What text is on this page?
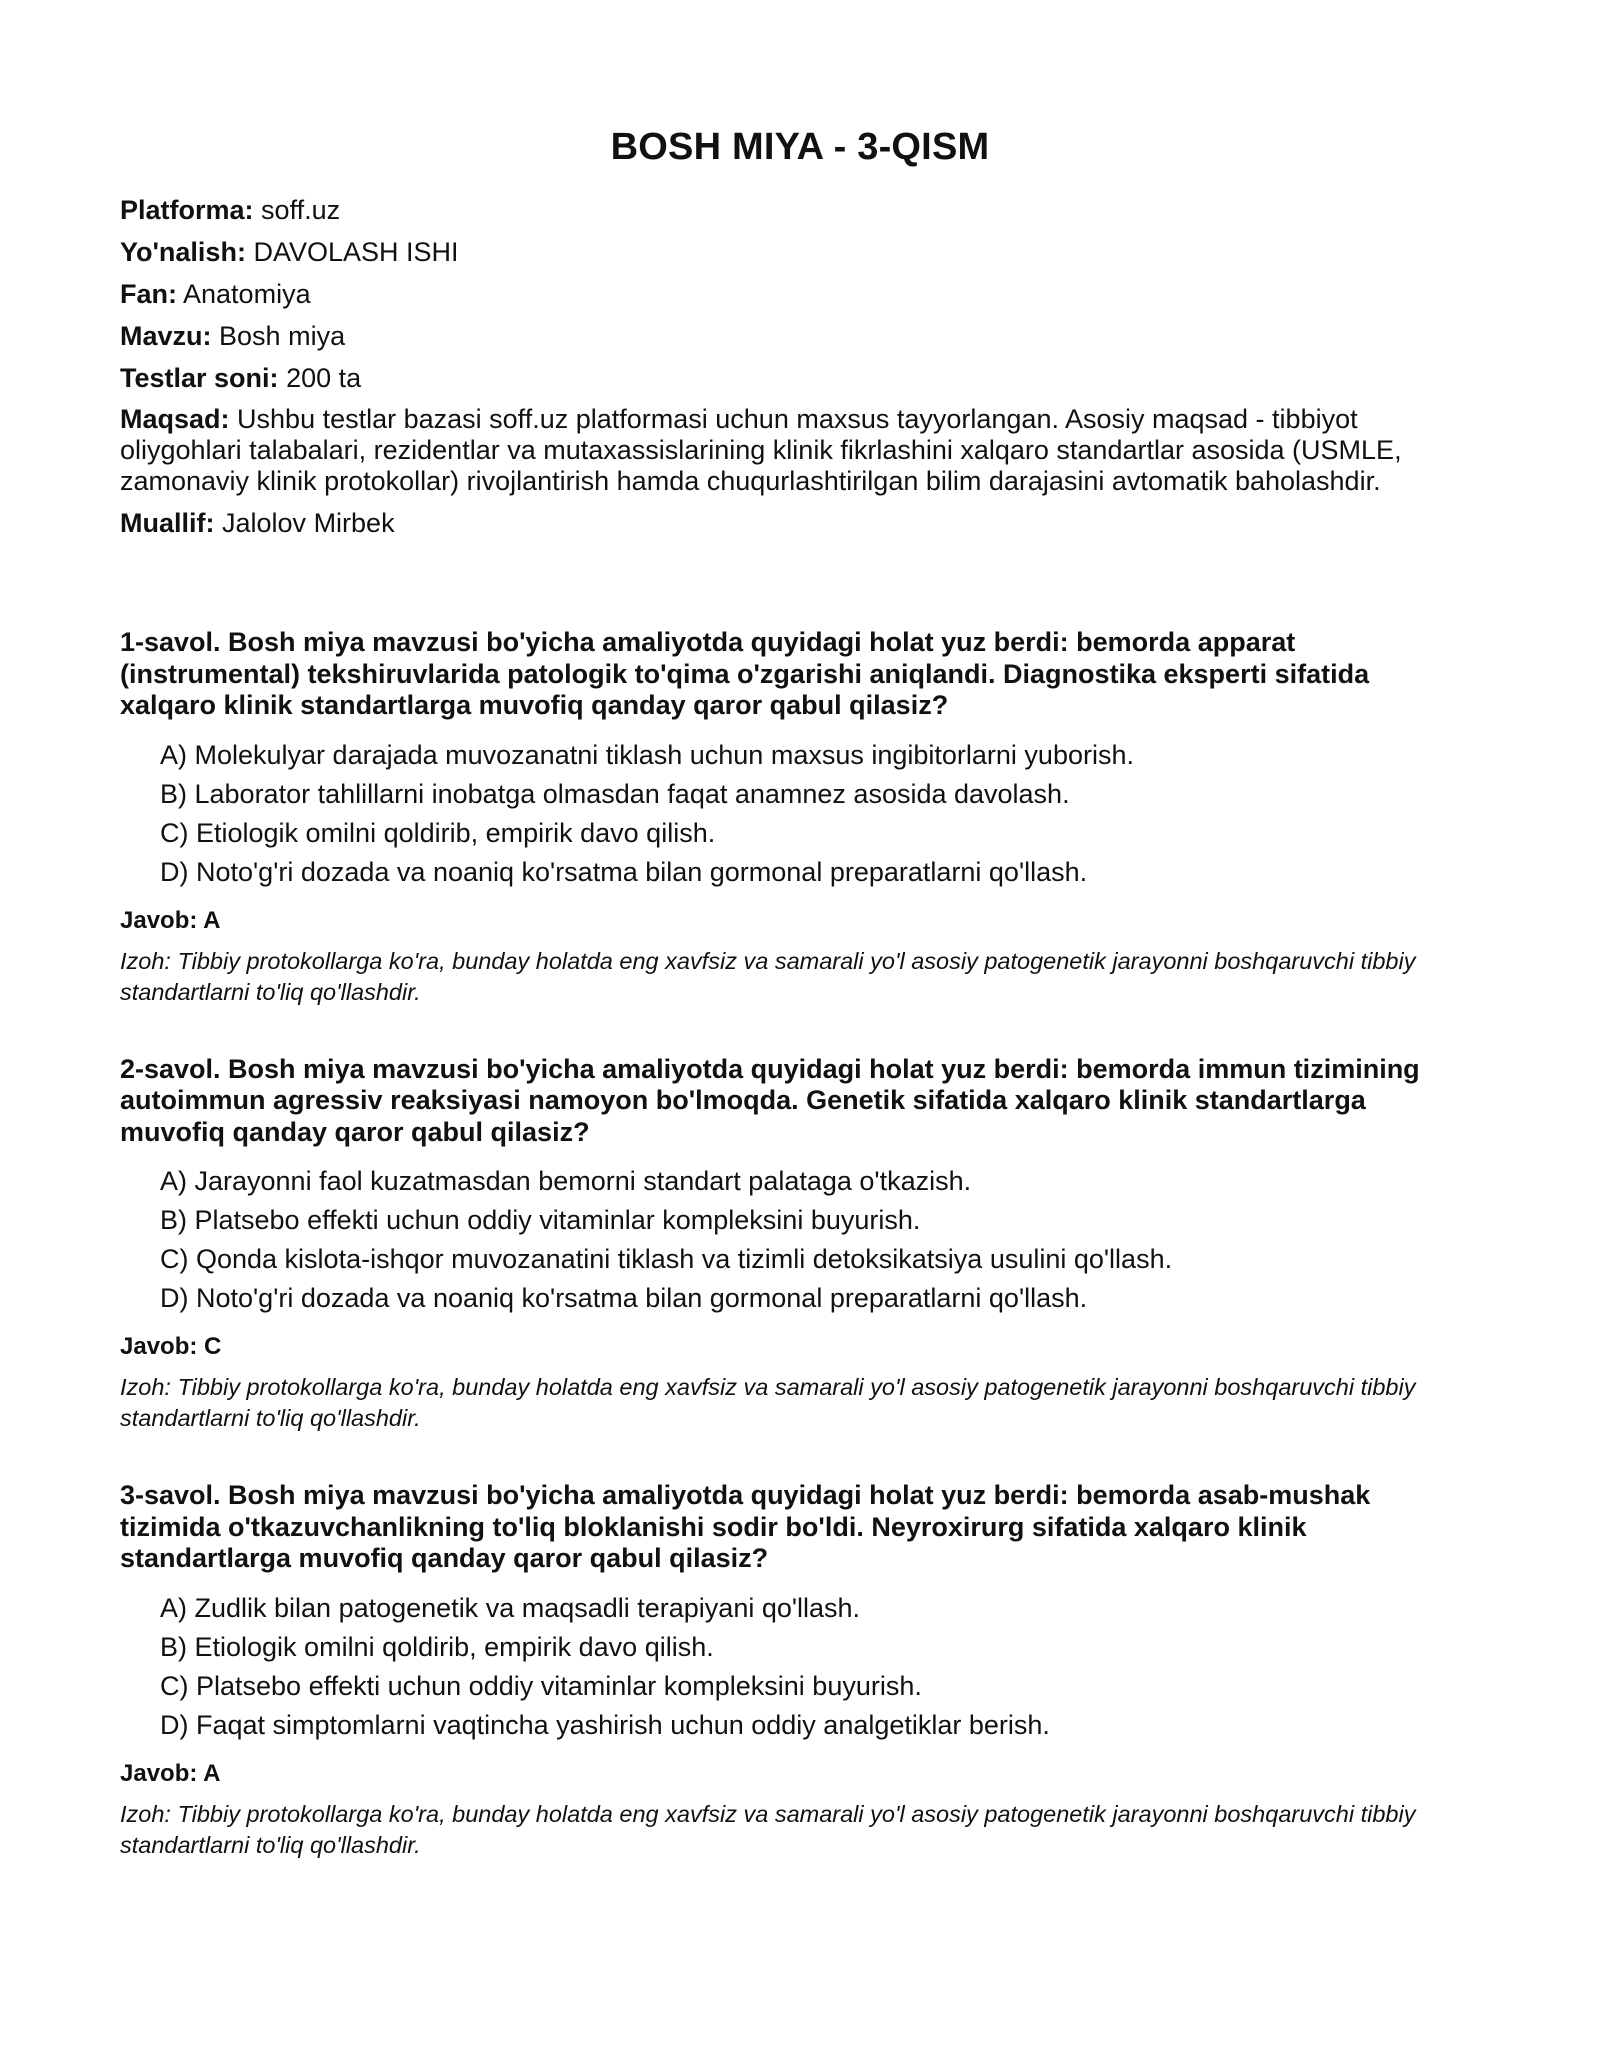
BOSH MIYA - 3-QISM
Platforma: soff.uz
Yo'nalish: DAVOLASH ISHI
Fan: Anatomiya
Mavzu: Bosh miya
Testlar soni: 200 ta
Maqsad: Ushbu testlar bazasi soff.uz platformasi uchun maxsus tayyorlangan. Asosiy maqsad - tibbiyot oliygohlari talabalari, rezidentlar va mutaxassislarining klinik fikrlashini xalqaro standartlar asosida (USMLE, zamonaviy klinik protokollar) rivojlantirish hamda chuqurlashtirilgan bilim darajasini avtomatik baholashdir.
Muallif: Jalolov Mirbek
1-savol. Bosh miya mavzusi bo'yicha amaliyotda quyidagi holat yuz berdi: bemorda apparat (instrumental) tekshiruvlarida patologik to'qima o'zgarishi aniqlandi. Diagnostika eksperti sifatida xalqaro klinik standartlarga muvofiq qanday qaror qabul qilasiz?
A) Molekulyar darajada muvozanatni tiklash uchun maxsus ingibitorlarni yuborish.
B) Laborator tahlillarni inobatga olmasdan faqat anamnez asosida davolash.
C) Etiologik omilni qoldirib, empirik davo qilish.
D) Noto'g'ri dozada va noaniq ko'rsatma bilan gormonal preparatlarni qo'llash.
Javob: A
Izoh: Tibbiy protokollarga ko'ra, bunday holatda eng xavfsiz va samarali yo'l asosiy patogenetik jarayonni boshqaruvchi tibbiy standartlarni to'liq qo'llashdir.
2-savol. Bosh miya mavzusi bo'yicha amaliyotda quyidagi holat yuz berdi: bemorda immun tizimining autoimmun agressiv reaksiyasi namoyon bo'lmoqda. Genetik sifatida xalqaro klinik standartlarga muvofiq qanday qaror qabul qilasiz?
A) Jarayonni faol kuzatmasdan bemorni standart palataga o'tkazish.
B) Platsebo effekti uchun oddiy vitaminlar kompleksini buyurish.
C) Qonda kislota-ishqor muvozanatini tiklash va tizimli detoksikatsiya usulini qo'llash.
D) Noto'g'ri dozada va noaniq ko'rsatma bilan gormonal preparatlarni qo'llash.
Javob: C
Izoh: Tibbiy protokollarga ko'ra, bunday holatda eng xavfsiz va samarali yo'l asosiy patogenetik jarayonni boshqaruvchi tibbiy standartlarni to'liq qo'llashdir.
3-savol. Bosh miya mavzusi bo'yicha amaliyotda quyidagi holat yuz berdi: bemorda asab-mushak tizimida o'tkazuvchanlikning to'liq bloklanishi sodir bo'ldi. Neyroxirurg sifatida xalqaro klinik standartlarga muvofiq qanday qaror qabul qilasiz?
A) Zudlik bilan patogenetik va maqsadli terapiyani qo'llash.
B) Etiologik omilni qoldirib, empirik davo qilish.
C) Platsebo effekti uchun oddiy vitaminlar kompleksini buyurish.
D) Faqat simptomlarni vaqtincha yashirish uchun oddiy analgetiklar berish.
Javob: A
Izoh: Tibbiy protokollarga ko'ra, bunday holatda eng xavfsiz va samarali yo'l asosiy patogenetik jarayonni boshqaruvchi tibbiy standartlarni to'liq qo'llashdir.
